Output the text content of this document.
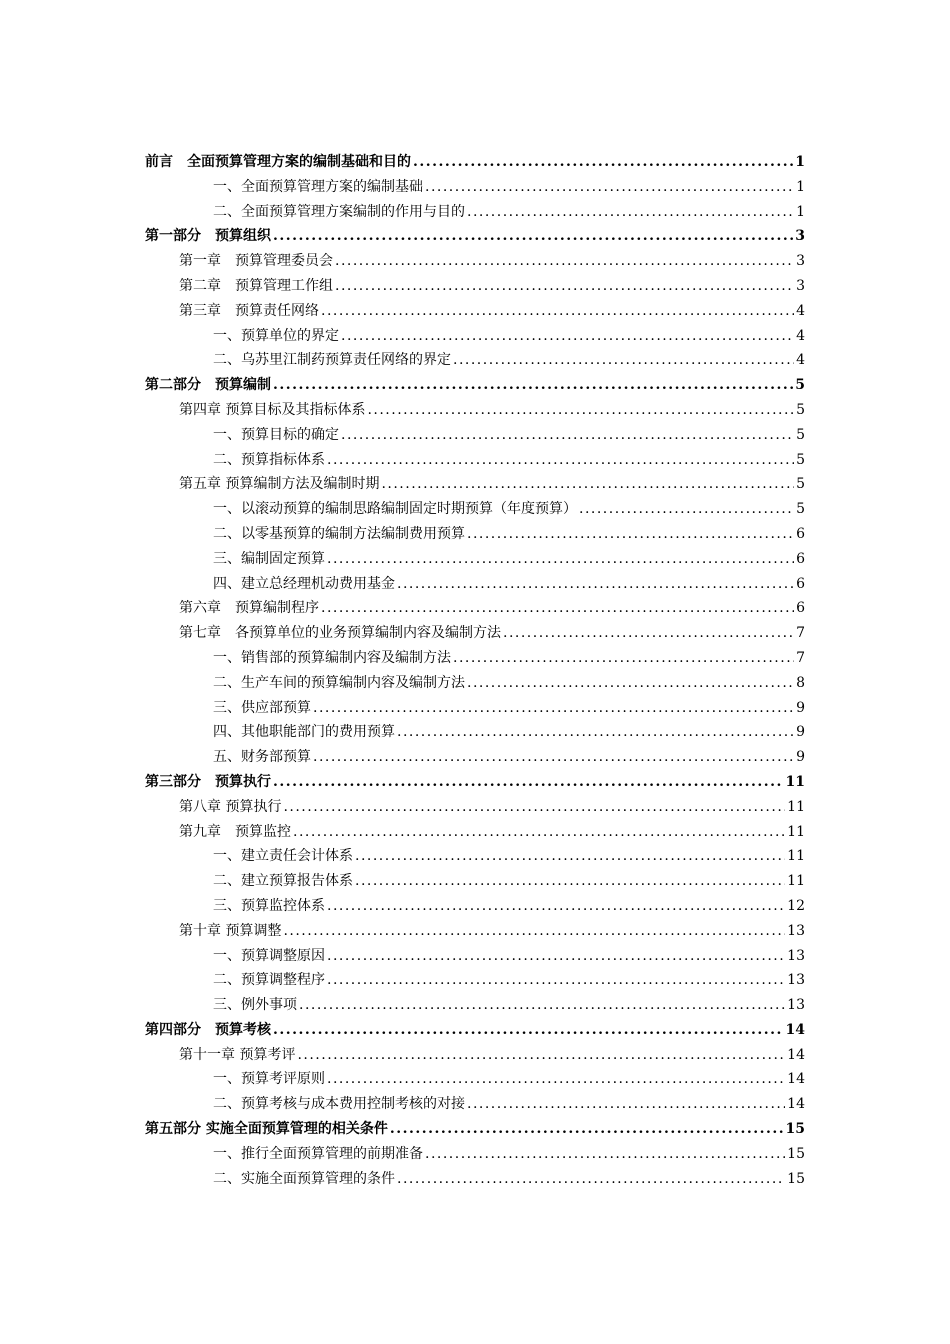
前言　全面预算管理方案的编制基础和目的 .....	1
一、全面预算管理方案的编制基础 .....	1
二、全面预算管理方案编制的作用与目的 .....	1
第一部分　预算组织 .....	3
第一章　预算管理委员会 .....	3
第二章　预算管理工作组 .....	3
第三章　预算责任网络 .....	4
一、预算单位的界定 .....	4
二、乌苏里江制药预算责任网络的界定 .....	4
第二部分　预算编制 .....	5
第四章 预算目标及其指标体系 .....	5
一、预算目标的确定 .....	5
二、预算指标体系 .....	5
第五章 预算编制方法及编制时期 .....	5
一、以滚动预算的编制思路编制固定时期预算（年度预算） .....	5
二、以零基预算的编制方法编制费用预算 .....	6
三、编制固定预算 .....	6
四、建立总经理机动费用基金 .....	6
第六章　预算编制程序 .....	6
第七章　各预算单位的业务预算编制内容及编制方法 .....	7
一、销售部的预算编制内容及编制方法 .....	7
二、生产车间的预算编制内容及编制方法 .....	8
三、供应部预算 .....	9
四、其他职能部门的费用预算 .....	9
五、财务部预算 .....	9
第三部分　预算执行 .....	11
第八章 预算执行 .....	11
第九章　预算监控 .....	11
一、建立责任会计体系 .....	11
二、建立预算报告体系 .....	11
三、预算监控体系 .....	12
第十章 预算调整 .....	13
一、预算调整原因 .....	13
二、预算调整程序 .....	13
三、例外事项 .....	13
第四部分　预算考核 .....	14
第十一章 预算考评 .....	14
一、预算考评原则 .....	14
二、预算考核与成本费用控制考核的对接 .....	14
第五部分 实施全面预算管理的相关条件 .....	15
一、推行全面预算管理的前期准备 .....	15
二、实施全面预算管理的条件 .....	15
